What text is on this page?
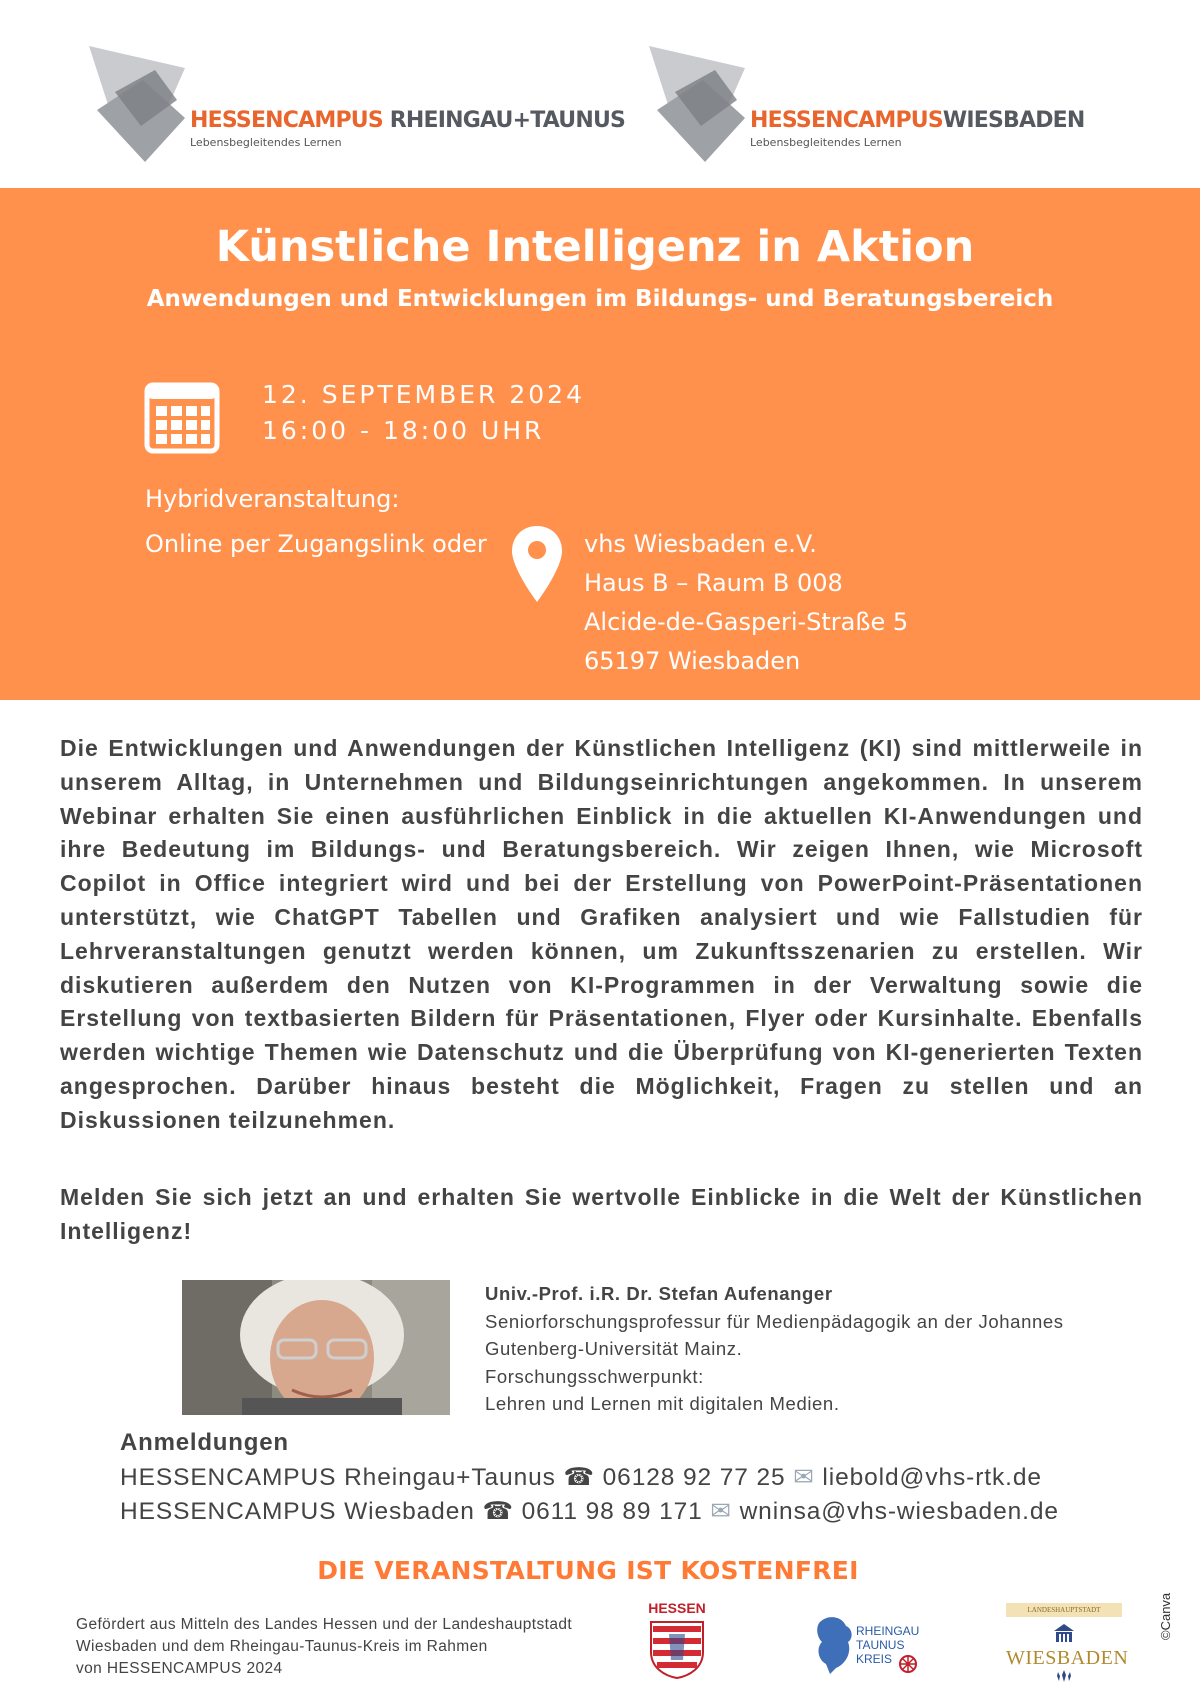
HESSENCAMPUS RHEINGAU+TAUNUS
Lebensbegleitendes Lernen
HESSENCAMPUSWIESBADEN
Lebensbegleitendes Lernen
Künstliche Intelligenz in Aktion
Anwendungen und Entwicklungen im Bildungs- und Beratungsbereich
12. SEPTEMBER 2024
16:00 - 18:00 UHR
Hybridveranstaltung:
Online per Zugangslink oder	vhs Wiesbaden e.V.
Haus B – Raum B 008
Alcide-de-Gasperi-Straße 5
65197 Wiesbaden

Die Entwicklungen und Anwendungen der Künstlichen Intelligenz (KI) sind mittlerweile in unserem Alltag, in Unternehmen und Bildungseinrichtungen angekommen. In unserem Webinar erhalten Sie einen ausführlichen Einblick in die aktuellen KI-Anwendungen und ihre Bedeutung im Bildungs- und Beratungsbereich. Wir zeigen Ihnen, wie Microsoft Copilot in Office integriert wird und bei der Erstellung von PowerPoint-Präsentationen unterstützt, wie ChatGPT Tabellen und Grafiken analysiert und wie Fallstudien für Lehrveranstaltungen genutzt werden können, um Zukunftsszenarien zu erstellen. Wir diskutieren außerdem den Nutzen von KI-Programmen in der Verwaltung sowie die Erstellung von textbasierten Bildern für Präsentationen, Flyer oder Kursinhalte. Ebenfalls werden wichtige Themen wie Datenschutz und die Überprüfung von KI-generierten Texten angesprochen. Darüber hinaus besteht die Möglichkeit, Fragen zu stellen und an Diskussionen teilzunehmen.

Melden Sie sich jetzt an und erhalten Sie wertvolle Einblicke in die Welt der Künstlichen Intelligenz!

Univ.-Prof. i.R. Dr. Stefan Aufenanger
Seniorforschungsprofessur für Medienpädagogik an der Johannes
Gutenberg-Universität Mainz.
Forschungsschwerpunkt:
Lehren und Lernen mit digitalen Medien.
Anmeldungen
HESSENCAMPUS Rheingau+Taunus ☎ 06128 92 77 25 ✉ liebold@vhs-rtk.de
HESSENCAMPUS Wiesbaden ☎ 0611 98 89 171 ✉ wninsa@vhs-wiesbaden.de
DIE VERANSTALTUNG IST KOSTENFREI
Gefördert aus Mitteln des Landes Hessen und der Landeshauptstadt
Wiesbaden und dem Rheingau-Taunus-Kreis im Rahmen
von HESSENCAMPUS 2024
HESSEN
RHEINGAU
TAUNUS
KREIS
LANDESHAUPTSTADT
WIESBADEN
©Canva
